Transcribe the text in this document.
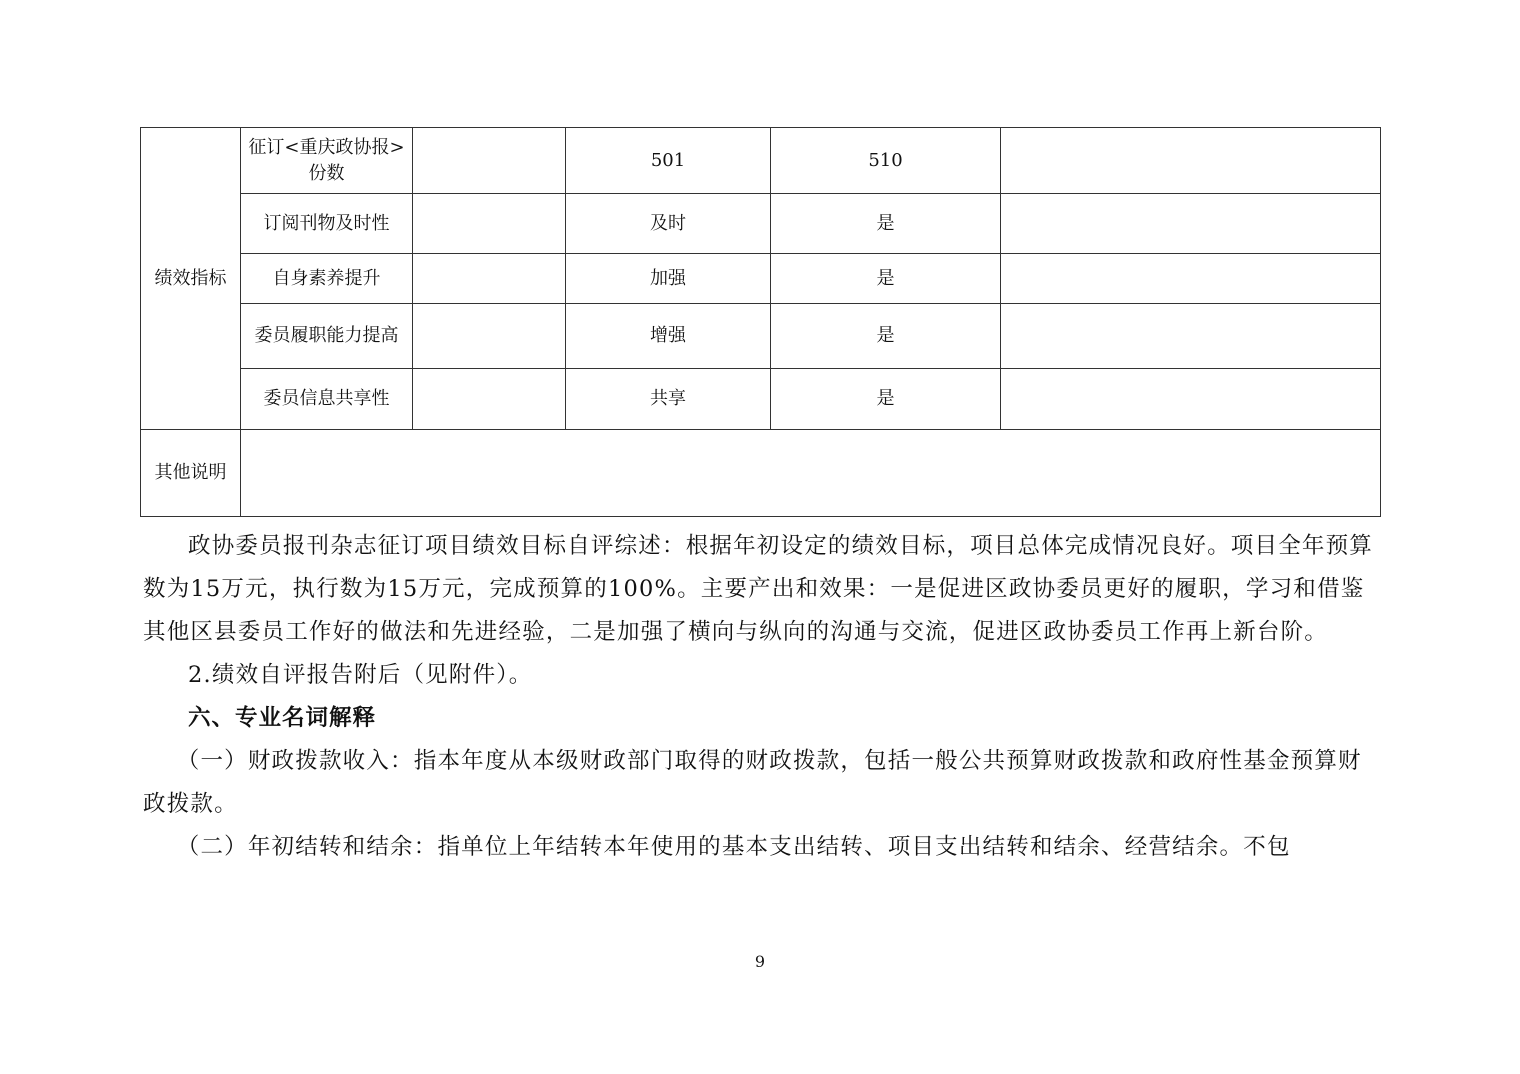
绩效指标	征订<重庆政协报>份数		501	510	
	订阅刊物及时性		及时	是	
	自身素养提升		加强	是	
	委员履职能力提高		增强	是	
	委员信息共享性		共享	是	
其他说明					

政协委员报刊杂志征订项目绩效目标自评综述：根据年初设定的绩效目标，项目总体完成情况良好。项目全年预算数为15万元，执行数为15万元，完成预算的100%。主要产出和效果：一是促进区政协委员更好的履职，学习和借鉴其他区县委员工作好的做法和先进经验，二是加强了横向与纵向的沟通与交流，促进区政协委员工作再上新台阶。

2.绩效自评报告附后（见附件）。

六、专业名词解释

（一）财政拨款收入：指本年度从本级财政部门取得的财政拨款，包括一般公共预算财政拨款和政府性基金预算财政拨款。

（二）年初结转和结余：指单位上年结转本年使用的基本支出结转、项目支出结转和结余、经营结余。不包

9
